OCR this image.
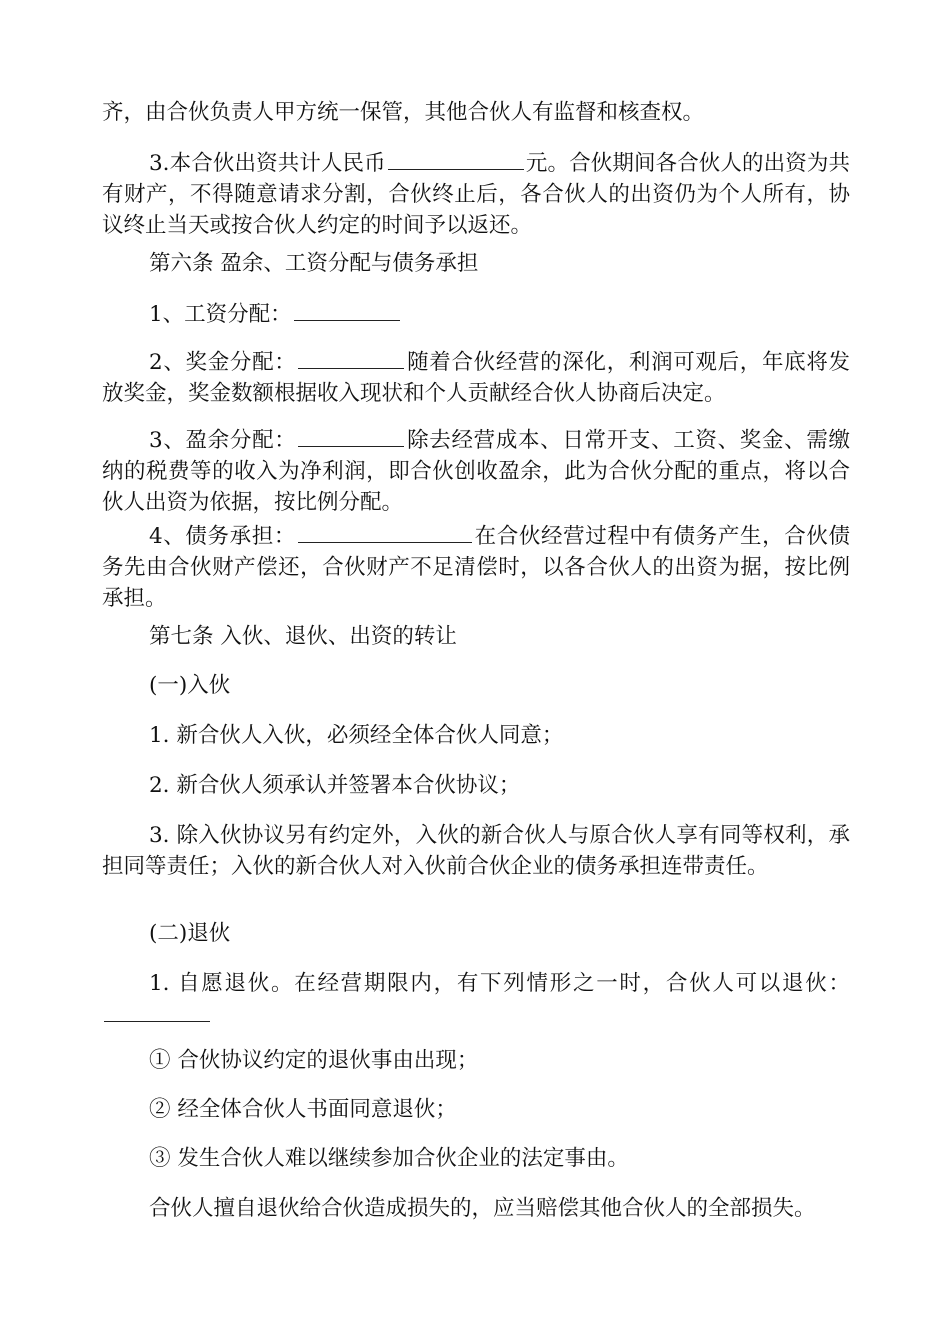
齐，由合伙负责人甲方统一保管，其他合伙人有监督和核查权。

3.本合伙出资共计人民币	元。合伙期间各合伙人的出资为共有财产，不得随意请求分割，合伙终止后，各合伙人的出资仍为个人所有，协议终止当天或按合伙人约定的时间予以返还。

第六条 盈余、工资分配与债务承担

1、工资分配：

2、奖金分配：	随着合伙经营的深化，利润可观后，年底将发放奖金，奖金数额根据收入现状和个人贡献经合伙人协商后决定。

3、盈余分配：	除去经营成本、日常开支、工资、奖金、需缴纳的税费等的收入为净利润，即合伙创收盈余，此为合伙分配的重点，将以合伙人出资为依据，按比例分配。

4、债务承担：	在合伙经营过程中有债务产生，合伙债务先由合伙财产偿还，合伙财产不足清偿时，以各合伙人的出资为据，按比例承担。

第七条 入伙、退伙、出资的转让

(一)入伙

1. 新合伙人入伙，必须经全体合伙人同意；

2. 新合伙人须承认并签署本合伙协议；

3. 除入伙协议另有约定外，入伙的新合伙人与原合伙人享有同等权利，承担同等责任；入伙的新合伙人对入伙前合伙企业的债务承担连带责任。

(二)退伙

1. 自愿退伙。在经营期限内，有下列情形之一时，合伙人可以退伙：

① 合伙协议约定的退伙事由出现；

② 经全体合伙人书面同意退伙；

③ 发生合伙人难以继续参加合伙企业的法定事由。

合伙人擅自退伙给合伙造成损失的，应当赔偿其他合伙人的全部损失。
